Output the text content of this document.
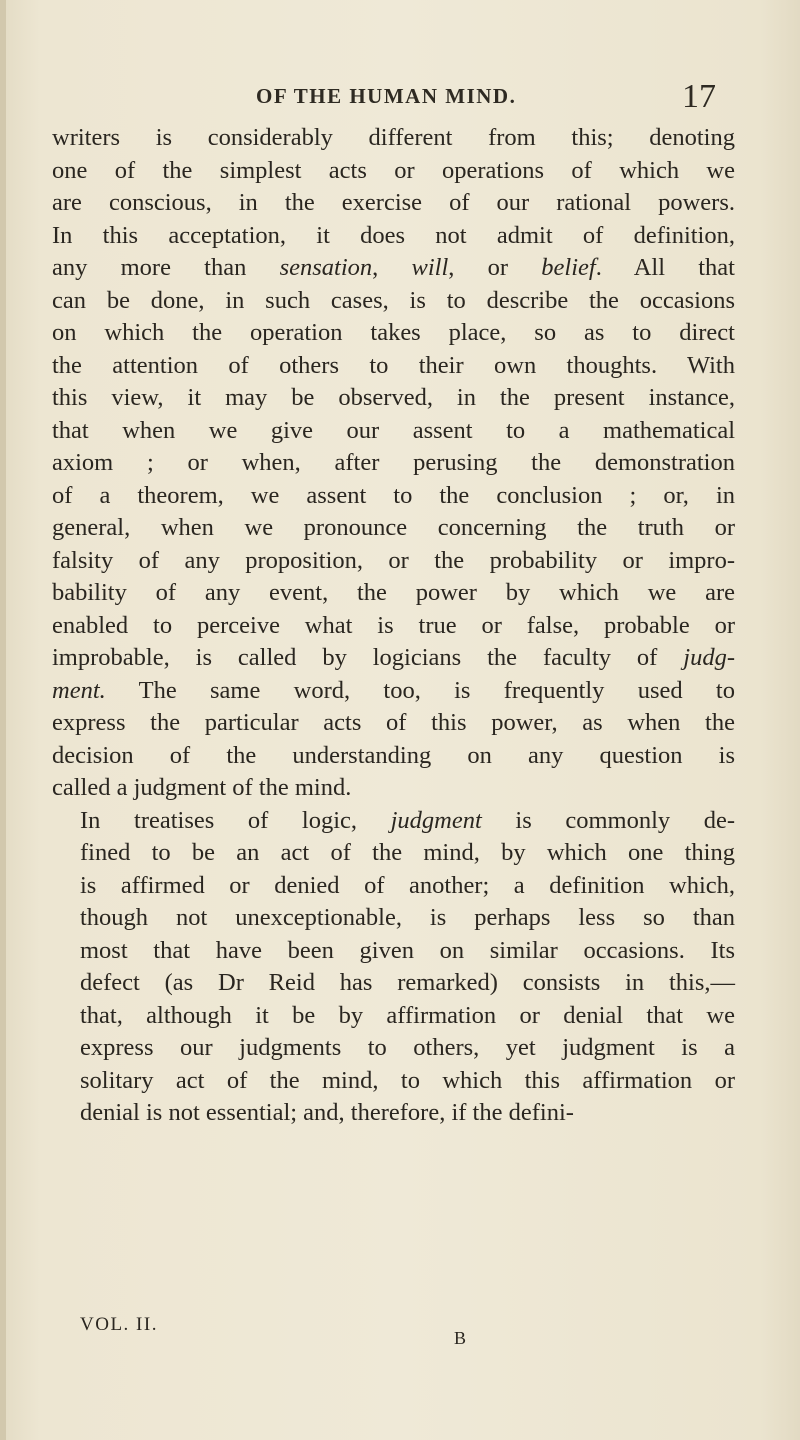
OF THE HUMAN MIND.	17

writers is considerably different from this; denoting
one of the simplest acts or operations of which we
are conscious, in the exercise of our rational powers.
In this acceptation, it does not admit of definition,
any more than sensation, will, or belief. All that
can be done, in such cases, is to describe the occasions
on which the operation takes place, so as to direct
the attention of others to their own thoughts. With
this view, it may be observed, in the present instance,
that when we give our assent to a mathematical
axiom ; or when, after perusing the demonstration
of a theorem, we assent to the conclusion ; or, in
general, when we pronounce concerning the truth or
falsity of any proposition, or the probability or impro-
bability of any event, the power by which we are
enabled to perceive what is true or false, probable or
improbable, is called by logicians the faculty of judg-
ment. The same word, too, is frequently used to
express the particular acts of this power, as when the
decision of the understanding on any question is
called a judgment of the mind.

In treatises of logic, judgment is commonly de-
fined to be an act of the mind, by which one thing
is affirmed or denied of another; a definition which,
though not unexceptionable, is perhaps less so than
most that have been given on similar occasions. Its
defect (as Dr Reid has remarked) consists in this,—
that, although it be by affirmation or denial that we
express our judgments to others, yet judgment is a
solitary act of the mind, to which this affirmation or
denial is not essential; and, therefore, if the defini-

VOL. II.
B
